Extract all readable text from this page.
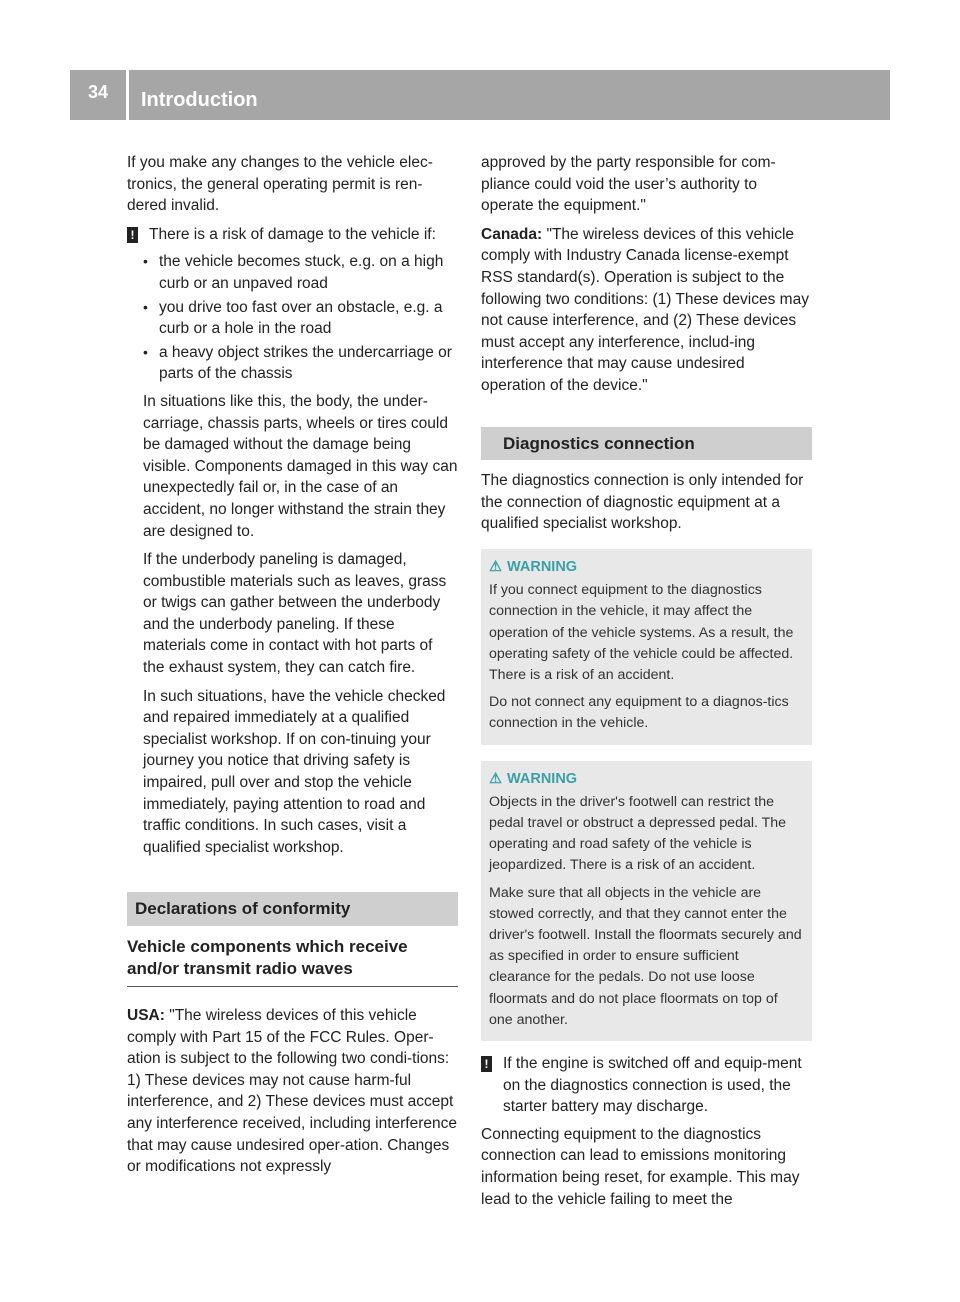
34	Introduction

If you make any changes to the vehicle elec-tronics, the general operating permit is ren-dered invalid.

! There is a risk of damage to the vehicle if:
• the vehicle becomes stuck, e.g. on a high curb or an unpaved road
• you drive too fast over an obstacle, e.g. a curb or a hole in the road
• a heavy object strikes the undercarriage or parts of the chassis

In situations like this, the body, the under-carriage, chassis parts, wheels or tires could be damaged without the damage being visible. Components damaged in this way can unexpectedly fail or, in the case of an accident, no longer withstand the strain they are designed to.

If the underbody paneling is damaged, combustible materials such as leaves, grass or twigs can gather between the underbody and the underbody paneling. If these materials come in contact with hot parts of the exhaust system, they can catch fire.

In such situations, have the vehicle checked and repaired immediately at a qualified specialist workshop. If on con-tinuing your journey you notice that driving safety is impaired, pull over and stop the vehicle immediately, paying attention to road and traffic conditions. In such cases, visit a qualified specialist workshop.

Declarations of conformity
Vehicle components which receive and/or transmit radio waves

USA: "The wireless devices of this vehicle comply with Part 15 of the FCC Rules. Oper-ation is subject to the following two condi-tions: 1) These devices may not cause harm-ful interference, and 2) These devices must accept any interference received, including interference that may cause undesired oper-ation. Changes or modifications not expressly

approved by the party responsible for com-pliance could void the user’s authority to operate the equipment."

Canada: "The wireless devices of this vehicle comply with Industry Canada license-exempt RSS standard(s). Operation is subject to the following two conditions: (1) These devices may not cause interference, and (2) These devices must accept any interference, includ-ing interference that may cause undesired operation of the device."

Diagnostics connection

The diagnostics connection is only intended for the connection of diagnostic equipment at a qualified specialist workshop.

⚠ WARNING

If you connect equipment to the diagnostics connection in the vehicle, it may affect the operation of the vehicle systems. As a result, the operating safety of the vehicle could be affected. There is a risk of an accident.

Do not connect any equipment to a diagnos-tics connection in the vehicle.

⚠ WARNING

Objects in the driver's footwell can restrict the pedal travel or obstruct a depressed pedal. The operating and road safety of the vehicle is jeopardized. There is a risk of an accident.

Make sure that all objects in the vehicle are stowed correctly, and that they cannot enter the driver's footwell. Install the floormats securely and as specified in order to ensure sufficient clearance for the pedals. Do not use loose floormats and do not place floormats on top of one another.

! If the engine is switched off and equip-ment on the diagnostics connection is used, the starter battery may discharge.

Connecting equipment to the diagnostics connection can lead to emissions monitoring information being reset, for example. This may lead to the vehicle failing to meet the
